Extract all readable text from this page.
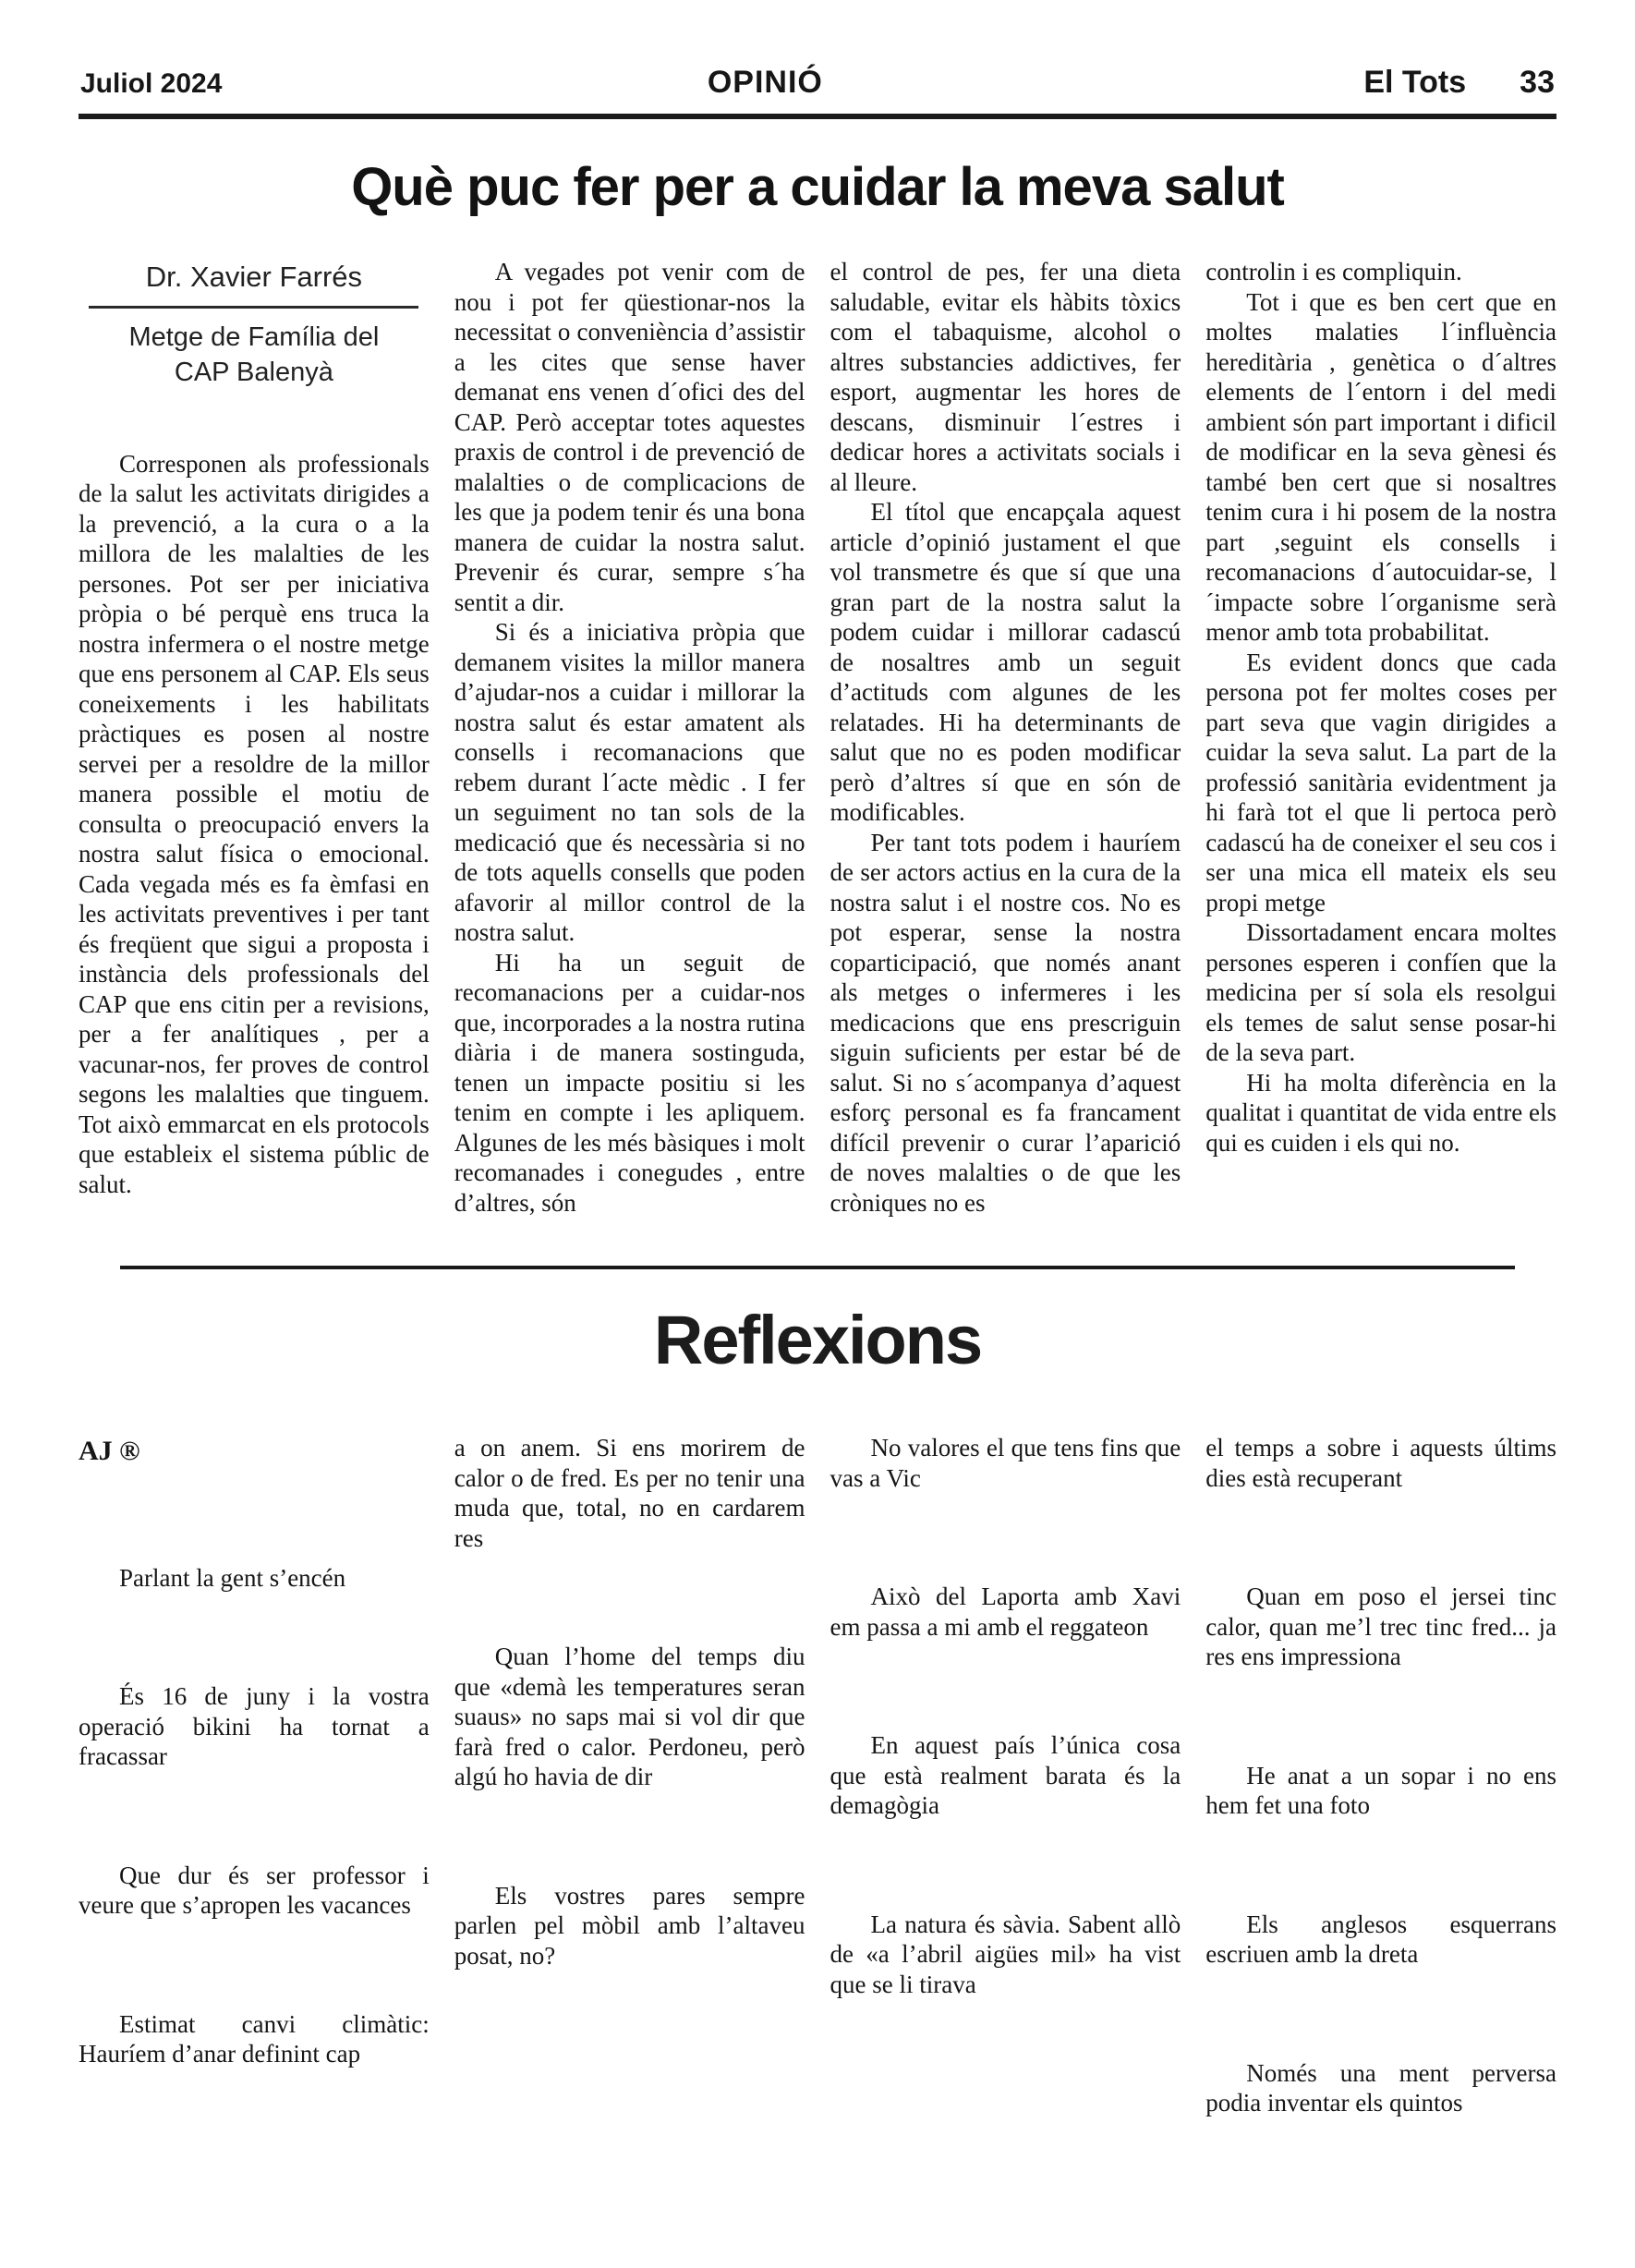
Juliol 2024	OPINIÓ	El Tots 33
Què puc fer per a cuidar la meva salut
Dr. Xavier Farrés
Metge de Família del CAP Balenyà

Corresponen als professionals de la salut les activitats dirigides a la prevenció, a la cura o a la millora de les malalties de les persones. Pot ser per iniciativa pròpia o bé perquè ens truca la nostra infermera o el nostre metge que ens personem al CAP. Els seus coneixements i les habilitats pràctiques es posen al nostre servei per a resoldre de la millor manera possible el motiu de consulta o preocupació envers la nostra salut física o emocional. Cada vegada més es fa èmfasi en les activitats preventives i per tant és freqüent que sigui a proposta i instància dels professionals del CAP que ens citin per a revisions, per a fer analítiques , per a vacunar-nos, fer proves de control segons les malalties que tinguem. Tot això emmarcat en els protocols que estableix el sistema públic de salut.

A vegades pot venir com de nou i pot fer qüestionar-nos la necessitat o conveniència d’assistir a les cites que sense haver demanat ens venen d´ofici des del CAP. Però acceptar totes aquestes praxis de control i de prevenció de malalties o de complicacions de les que ja podem tenir és una bona manera de cuidar la nostra salut. Prevenir és curar, sempre s´ha sentit a dir.

Si és a iniciativa pròpia que demanem visites la millor manera d’ajudar-nos a cuidar i millorar la nostra salut és estar amatent als consells i recomanacions que rebem durant l´acte mèdic . I fer un seguiment no tan sols de la medicació que és necessària si no de tots aquells consells que poden afavorir al millor control de la nostra salut.

Hi ha un seguit de recomanacions per a cuidar-nos que, incorporades a la nostra rutina diària i de manera sostinguda, tenen un impacte positiu si les tenim en compte i les apliquem. Algunes de les més bàsiques i molt recomanades i conegudes , entre d’altres, són

el control de pes, fer una dieta saludable, evitar els hàbits tòxics com el tabaquisme, alcohol o altres substancies addictives, fer esport, augmentar les hores de descans, disminuir l´estres i dedicar hores a activitats socials i al lleure.

El títol que encapçala aquest article d’opinió justament el que vol transmetre és que sí que una gran part de la nostra salut la podem cuidar i millorar cadascú de nosaltres amb un seguit d’actituds com algunes de les relatades. Hi ha determinants de salut que no es poden modificar però d’altres sí que en són de modificables.

Per tant tots podem i hauríem de ser actors actius en la cura de la nostra salut i el nostre cos. No es pot esperar, sense la nostra coparticipació, que només anant als metges o infermeres i les medicacions que ens prescriguin siguin suficients per estar bé de salut. Si no s´acompanya d’aquest esforç personal es fa francament difícil prevenir o curar l’aparició de noves malalties o de que les cròniques no es

controlin i es compliquin.

Tot i que es ben cert que en moltes malaties l´influència hereditària , genètica o d´altres elements de l´entorn i del medi ambient són part important i dificil de modificar en la seva gènesi és també ben cert que si nosaltres tenim cura i hi posem de la nostra part ,seguint els consells i recomanacions d´autocuidar-se, l´impacte sobre l´organisme serà menor amb tota probabilitat.

Es evident doncs que cada persona pot fer moltes coses per part seva que vagin dirigides a cuidar la seva salut. La part de la professió sanitària evidentment ja hi farà tot el que li pertoca però cadascú ha de coneixer el seu cos i ser una mica ell mateix els seu propi metge

Dissortadament encara moltes persones esperen i confíen que la medicina per sí sola els resolgui els temes de salut sense posar-hi de la seva part.

Hi ha molta diferència en la qualitat i quantitat de vida entre els qui es cuiden i els qui no.

Reflexions
AJ ®

Parlant la gent s’encén

És 16 de juny i la vostra operació bikini ha tornat a fracassar

Que dur és ser professor i veure que s’apropen les vacances

Estimat canvi climàtic: Hauríem d’anar definint cap

a on anem. Si ens morirem de calor o de fred. Es per no tenir una muda que, total, no en cardarem res

Quan l’home del temps diu que «demà les temperatures seran suaus» no saps mai si vol dir que farà fred o calor. Perdoneu, però algú ho havia de dir

Els vostres pares sempre parlen pel mòbil amb l’altaveu posat, no?

No valores el que tens fins que vas a Vic

Això del Laporta amb Xavi em passa a mi amb el reggateon

En aquest país l’única cosa que està realment barata és la demagògia

La natura és sàvia. Sabent allò de «a l’abril aigües mil» ha vist que se li tirava

el temps a sobre i aquests últims dies està recuperant

Quan em poso el jersei tinc calor, quan me’l trec tinc fred... ja res ens impressiona

He anat a un sopar i no ens hem fet una foto

Els anglesos esquerrans escriuen amb la dreta

Només una ment perversa podia inventar els quintos
